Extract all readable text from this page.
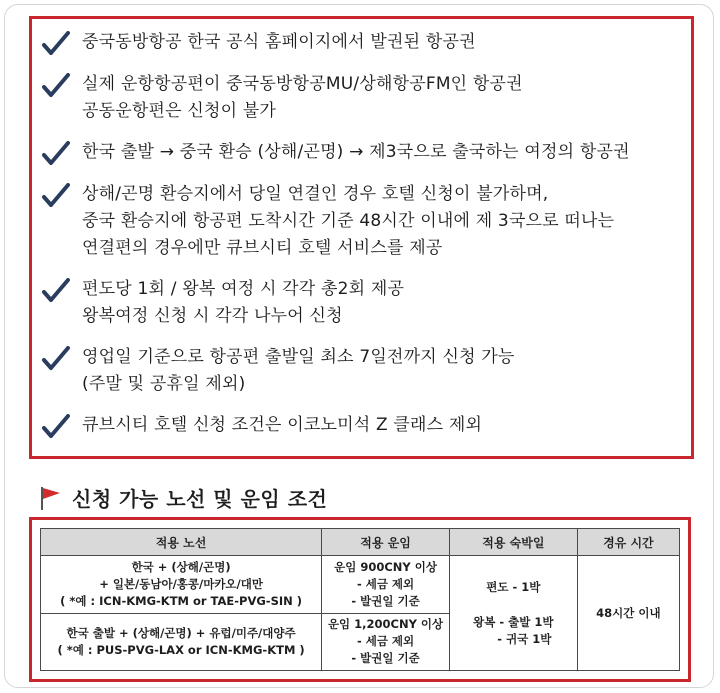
중국동방항공 한국 공식 홈페이지에서 발권된 항공권
실제 운항항공편이 중국동방항공MU/상해항공FM인 항공권
공동운항편은 신청이 불가
한국 출발 → 중국 환승 (상해/곤명) → 제3국으로 출국하는 여정의 항공권
상해/곤명 환승지에서 당일 연결인 경우 호텔 신청이 불가하며,
중국 환승지에 항공편 도착시간 기준 48시간 이내에 제 3국으로 떠나는
연결편의 경우에만 큐브시티 호텔 서비스를 제공
편도당 1회 / 왕복 여정 시 각각 총2회 제공
왕복여정 신청 시 각각 나누어 신청
영업일 기준으로 항공편 출발일 최소 7일전까지 신청 가능
(주말 및 공휴일 제외)
큐브시티 호텔 신청 조건은 이코노미석 Z 클래스 제외
신청 가능 노선 및 운임 조건
적용 노선	적용 운임	적용 숙박일	경유 시간

한국 + (상해/곤명)
+ 일본/동남아/홍콩/마카오/대만
( *예 : ICN-KMG-KTM or TAE-PVG-SIN )	운임 900CNY 이상
- 세금 제외
- 발권일 기준	편도 - 1박
왕복 - 출발 1박
- 귀국 1박	48시간 이내

한국 출발 + (상해/곤명) + 유럽/미주/대양주
( *예 : PUS-PVG-LAX or ICN-KMG-KTM )	운임 1,200CNY 이상
- 세금 제외
- 발권일 기준		
